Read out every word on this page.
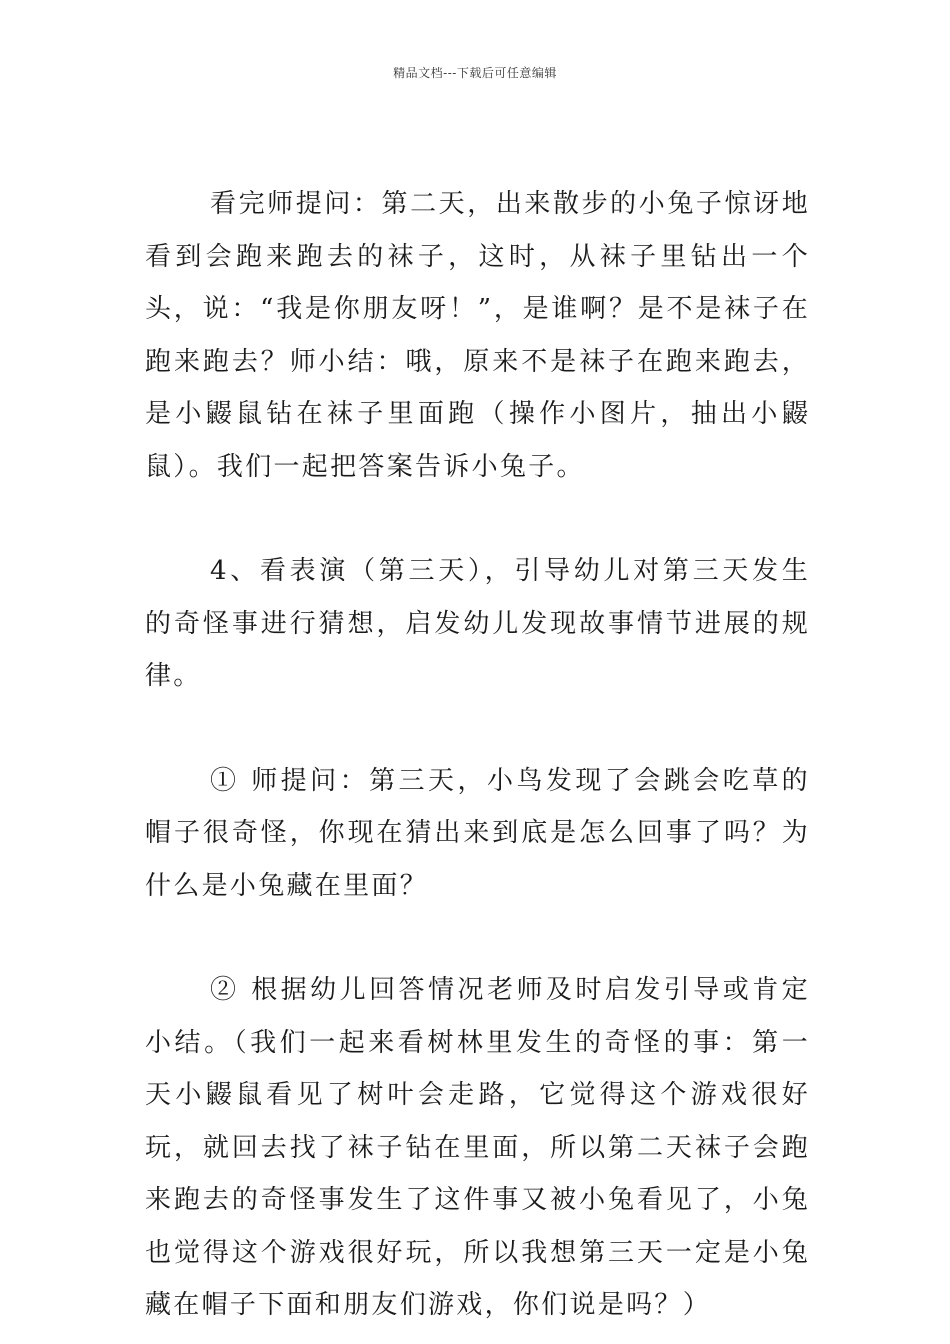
精品文档---下载后可任意编辑

看完师提问：第二天，出来散步的小兔子惊讶地看到会跑来跑去的袜子，这时，从袜子里钻出一个头，说：“我是你朋友呀！”，是谁啊？是不是袜子在跑来跑去？师小结：哦，原来不是袜子在跑来跑去，是小鼹鼠钻在袜子里面跑（操作小图片，抽出小鼹鼠）。我们一起把答案告诉小兔子。

4、看表演（第三天），引导幼儿对第三天发生的奇怪事进行猜想，启发幼儿发现故事情节进展的规律。

① 师提问：第三天，小鸟发现了会跳会吃草的帽子很奇怪，你现在猜出来到底是怎么回事了吗？为什么是小兔藏在里面？

② 根据幼儿回答情况老师及时启发引导或肯定小结。（我们一起来看树林里发生的奇怪的事：第一天小鼹鼠看见了树叶会走路，它觉得这个游戏很好玩，就回去找了袜子钻在里面，所以第二天袜子会跑来跑去的奇怪事发生了这件事又被小兔看见了，小兔也觉得这个游戏很好玩，所以我想第三天一定是小兔藏在帽子下面和朋友们游戏，你们说是吗？）
